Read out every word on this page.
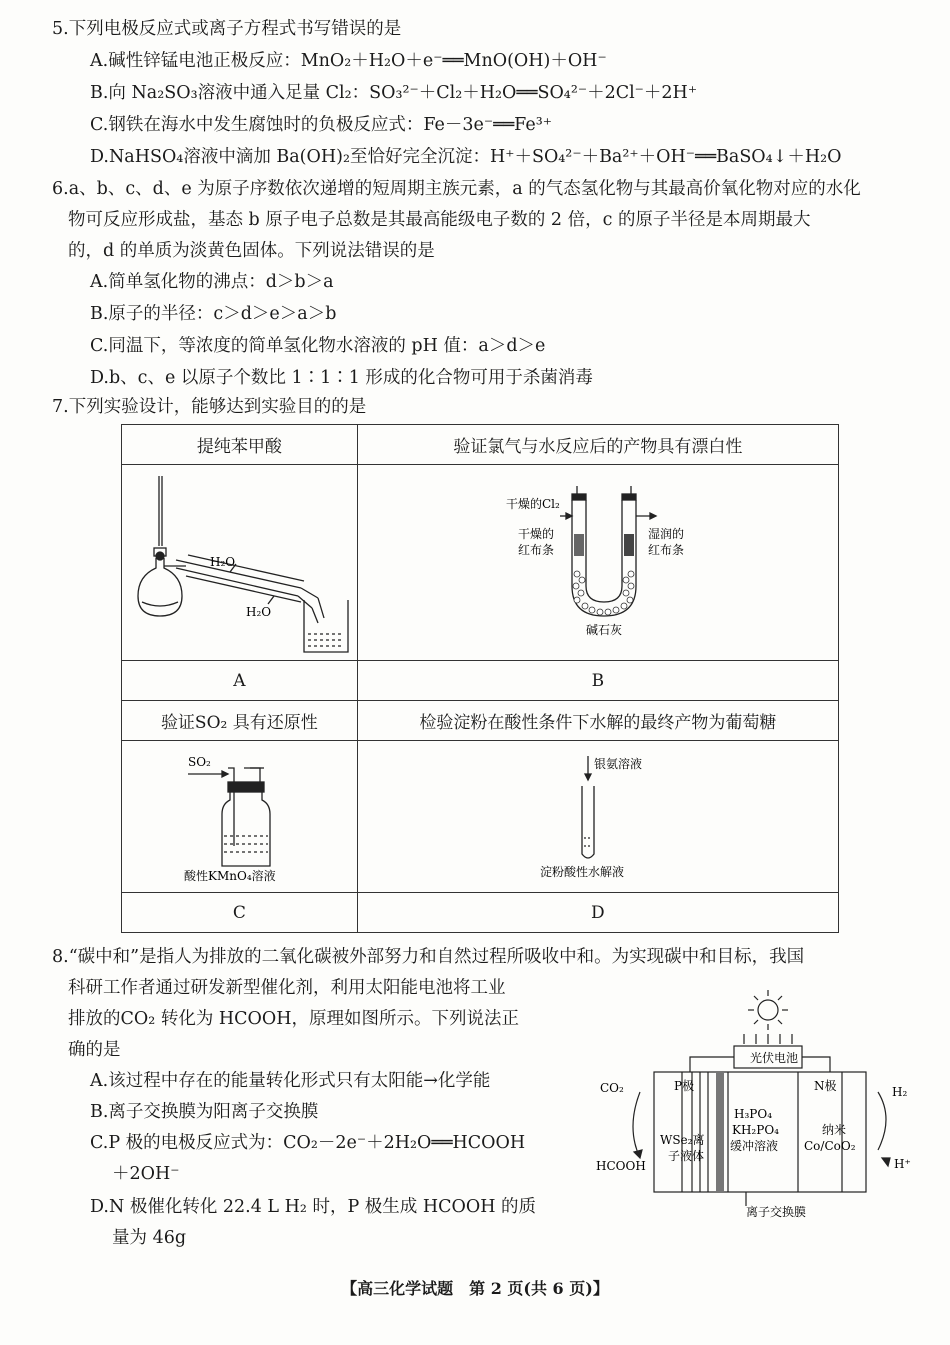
5.下列电极反应式或离子方程式书写错误的是
A.碱性锌锰电池正极反应：MnO₂＋H₂O＋e⁻══MnO(OH)＋OH⁻
B.向 Na₂SO₃溶液中通入足量 Cl₂：SO₃²⁻＋Cl₂＋H₂O══SO₄²⁻＋2Cl⁻＋2H⁺
C.钢铁在海水中发生腐蚀时的负极反应式：Fe－3e⁻══Fe³⁺
D.NaHSO₄溶液中滴加 Ba(OH)₂至恰好完全沉淀：H⁺＋SO₄²⁻＋Ba²⁺＋OH⁻══BaSO₄↓＋H₂O
6.a、b、c、d、e 为原子序数依次递增的短周期主族元素，a 的气态氢化物与其最高价氧化物对应的水化
物可反应形成盐，基态 b 原子电子总数是其最高能级电子数的 2 倍，c 的原子半径是本周期最大
的，d 的单质为淡黄色固体。下列说法错误的是
A.简单氢化物的沸点：d＞b＞a
B.原子的半径：c＞d＞e＞a＞b
C.同温下，等浓度的简单氢化物水溶液的 pH 值：a＞d＞e
D.b、c、e 以原子个数比 1∶1∶1 形成的化合物可用于杀菌消毒
7.下列实验设计，能够达到实验目的的是
提纯苯甲酸	验证氯气与水反应后的产物具有漂白性

A	B
验证SO₂ 具有还原性	检验淀粉在酸性条件下水解的最终产物为葡萄糖

C	D
H₂O
H₂O
干燥的Cl₂
干燥的
红布条
湿润的
红布条
碱石灰
SO₂
酸性KMnO₄溶液
银氨溶液
淀粉酸性水解液
8.“碳中和”是指人为排放的二氧化碳被外部努力和自然过程所吸收中和。为实现碳中和目标，我国
科研工作者通过研发新型催化剂，利用太阳能电池将工业
排放的CO₂ 转化为 HCOOH，原理如图所示。下列说法正
确的是
A.该过程中存在的能量转化形式只有太阳能→化学能
B.离子交换膜为阳离子交换膜
C.P 极的电极反应式为：CO₂－2e⁻＋2H₂O══HCOOH
＋2OH⁻
D.N 极催化转化 22.4 L H₂ 时，P 极生成 HCOOH 的质
量为 46g
光伏电池
CO₂
HCOOH
P极	N极	H₂
H⁺
WSe₂离
子液体
H₃PO₄
KH₂PO₄
缓冲溶液
纳米
Co/CoO₂
离子交换膜
【高三化学试题　第 2 页(共 6 页)】
